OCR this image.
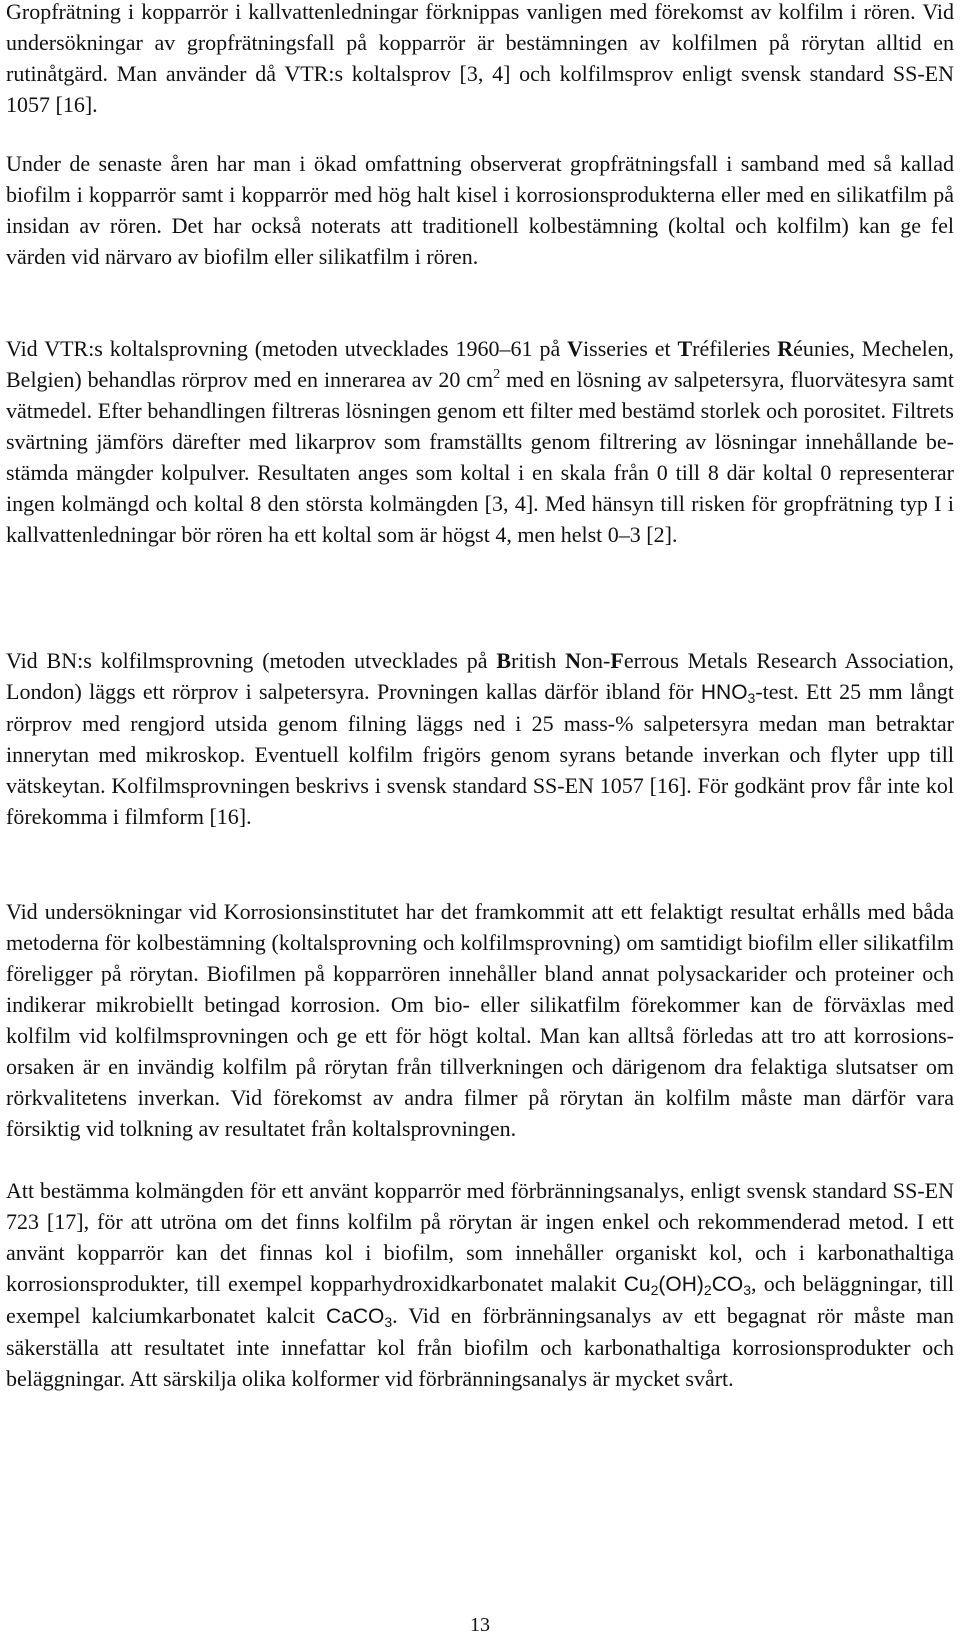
Gropfrätning i kopparrör i kallvattenledningar förknippas vanligen med förekomst av kolfilm i rören. Vid undersökningar av gropfrätningsfall på kopparrör är bestämningen av kolfilmen på rörytan alltid en rutinåtgärd. Man använder då VTR:s koltalsprov [3, 4] och kolfilmsprov enligt svensk standard SS-EN 1057 [16].

Under de senaste åren har man i ökad omfattning observerat gropfrätningsfall i samband med så kallad biofilm i kopparrör samt i kopparrör med hög halt kisel i korrosionsprodukterna eller med en silikatfilm på insidan av rören. Det har också noterats att traditionell kolbestämning (koltal och kolfilm) kan ge fel värden vid närvaro av biofilm eller silikatfilm i rören.

Vid VTR:s koltalsprovning (metoden utvecklades 1960–61 på Visseries et Tréfileries Réunies, Mechelen, Belgien) behandlas rörprov med en innerarea av 20 $cm^2$ med en lösning av salpetersyra, fluorvätesyra samt vätmedel. Efter behandlingen filtreras lösningen genom ett filter med bestämd storlek och porositet. Filtrets svärtning jämförs därefter med likarprov som framställts genom filtrering av lösningar innehållande bestämda mängder kolpulver. Resultaten anges som koltal i en skala från 0 till 8 där koltal 0 representerar ingen kolmängd och koltal 8 den största kolmängden [3, 4]. Med hänsyn till risken för gropfrätning typ I i kallvattenledningar bör rören ha ett koltal som är högst 4, men helst 0–3 [2].

Vid BN:s kolfilmsprovning (metoden utvecklades på British Non-Ferrous Metals Research Association, London) läggs ett rörprov i salpetersyra. Provningen kallas därför ibland för $HNO_3$-test. Ett 25 mm långt rörprov med rengjord utsida genom filning läggs ned i 25 mass-% salpetersyra medan man betraktar innerytan med mikroskop. Eventuell kolfilm frigörs genom syrans betande inverkan och flyter upp till vätskeytan. Kolfilmsprovningen beskrivs i svensk standard SS-EN 1057 [16]. För godkänt prov får inte kol förekomma i filmform [16].

Vid undersökningar vid Korrosionsinstitutet har det framkommit att ett felaktigt resultat erhålls med båda metoderna för kolbestämning (koltalsprovning och kolfilmsprovning) om samtidigt biofilm eller silikatfilm föreligger på rörytan. Biofilmen på kopparrören innehåller bland annat polysackarider och proteiner och indikerar mikrobiellt betingad korrosion. Om bio- eller silikatfilm förekommer kan de förväxlas med kolfilm vid kolfilmsprovningen och ge ett för högt koltal. Man kan alltså förledas att tro att korrosionsorsaken är en invändig kolfilm på rörytan från tillverkningen och därigenom dra felaktiga slutsatser om rörkvalitetens inverkan. Vid förekomst av andra filmer på rörytan än kolfilm måste man därför vara försiktig vid tolkning av resultatet från koltalsprovningen.

Att bestämma kolmängden för ett använt kopparrör med förbränningsanalys, enligt svensk standard SS-EN 723 [17], för att utröna om det finns kolfilm på rörytan är ingen enkel och rekommenderad metod. I ett använt kopparrör kan det finnas kol i biofilm, som innehåller organiskt kol, och i karbonathaltiga korrosionsprodukter, till exempel kopparhydroxidkarbonatet malakit $Cu_2(OH)_2CO_3$, och beläggningar, till exempel kalciumkarbonatet kalcit CaCO$_3$. Vid en förbränningsanalys av ett begagnat rör måste man säkerställa att resultatet inte innefattar kol från biofilm och karbonathaltiga korrosionsprodukter och beläggningar. Att särskilja olika kolformer vid förbränningsanalys är mycket svårt.

13
